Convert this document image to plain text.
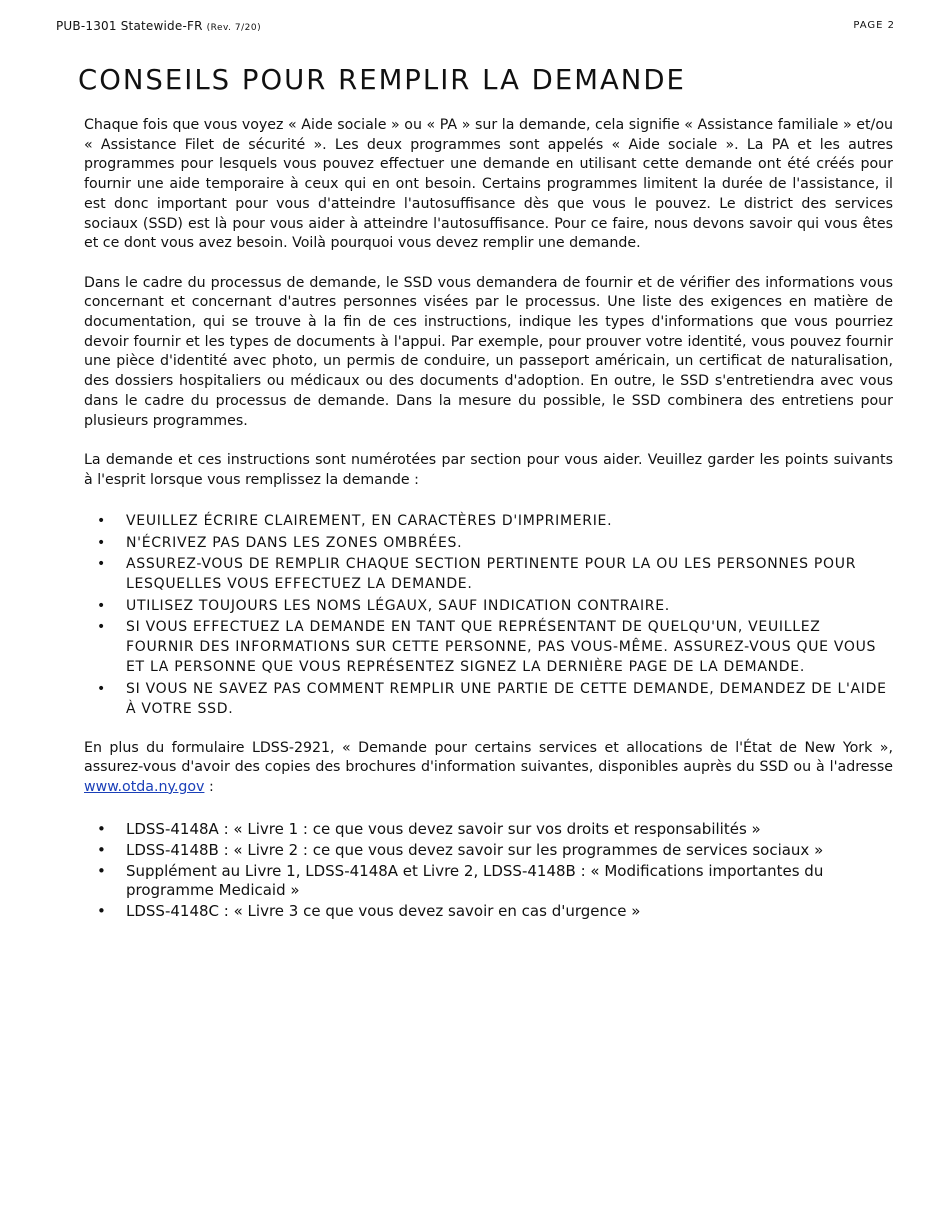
PUB-1301 Statewide-FR (Rev. 7/20)	PAGE 2
CONSEILS POUR REMPLIR LA DEMANDE

Chaque fois que vous voyez « Aide sociale » ou « PA » sur la demande, cela signifie « Assistance familiale » et/ou « Assistance Filet de sécurité ». Les deux programmes sont appelés « Aide sociale ». La PA et les autres programmes pour lesquels vous pouvez effectuer une demande en utilisant cette demande ont été créés pour fournir une aide temporaire à ceux qui en ont besoin. Certains programmes limitent la durée de l'assistance, il est donc important pour vous d'atteindre l'autosuffisance dès que vous le pouvez. Le district des services sociaux (SSD) est là pour vous aider à atteindre l'autosuffisance. Pour ce faire, nous devons savoir qui vous êtes et ce dont vous avez besoin. Voilà pourquoi vous devez remplir une demande.

Dans le cadre du processus de demande, le SSD vous demandera de fournir et de vérifier des informations vous concernant et concernant d'autres personnes visées par le processus. Une liste des exigences en matière de documentation, qui se trouve à la fin de ces instructions, indique les types d'informations que vous pourriez devoir fournir et les types de documents à l'appui. Par exemple, pour prouver votre identité, vous pouvez fournir une pièce d'identité avec photo, un permis de conduire, un passeport américain, un certificat de naturalisation, des dossiers hospitaliers ou médicaux ou des documents d'adoption. En outre, le SSD s'entretiendra avec vous dans le cadre du processus de demande. Dans la mesure du possible, le SSD combinera des entretiens pour plusieurs programmes.

La demande et ces instructions sont numérotées par section pour vous aider. Veuillez garder les points suivants à l'esprit lorsque vous remplissez la demande :

• VEUILLEZ ÉCRIRE CLAIREMENT, EN CARACTÈRES D'IMPRIMERIE.
• N'ÉCRIVEZ PAS DANS LES ZONES OMBRÉES.
• ASSUREZ-VOUS DE REMPLIR CHAQUE SECTION PERTINENTE POUR LA OU LES PERSONNES POUR LESQUELLES VOUS EFFECTUEZ LA DEMANDE.
• UTILISEZ TOUJOURS LES NOMS LÉGAUX, SAUF INDICATION CONTRAIRE.
• SI VOUS EFFECTUEZ LA DEMANDE EN TANT QUE REPRÉSENTANT DE QUELQU'UN, VEUILLEZ FOURNIR DES INFORMATIONS SUR CETTE PERSONNE, PAS VOUS-MÊME. ASSUREZ-VOUS QUE VOUS ET LA PERSONNE QUE VOUS REPRÉSENTEZ SIGNEZ LA DERNIÈRE PAGE DE LA DEMANDE.
• SI VOUS NE SAVEZ PAS COMMENT REMPLIR UNE PARTIE DE CETTE DEMANDE, DEMANDEZ DE L'AIDE À VOTRE SSD.

En plus du formulaire LDSS-2921, « Demande pour certains services et allocations de l'État de New York », assurez-vous d'avoir des copies des brochures d'information suivantes, disponibles auprès du SSD ou à l'adresse www.otda.ny.gov :

• LDSS-4148A : « Livre 1 : ce que vous devez savoir sur vos droits et responsabilités »
• LDSS-4148B : « Livre 2 : ce que vous devez savoir sur les programmes de services sociaux »
• Supplément au Livre 1, LDSS-4148A et Livre 2, LDSS-4148B : « Modifications importantes du programme Medicaid »
• LDSS-4148C : « Livre 3 ce que vous devez savoir en cas d'urgence »
